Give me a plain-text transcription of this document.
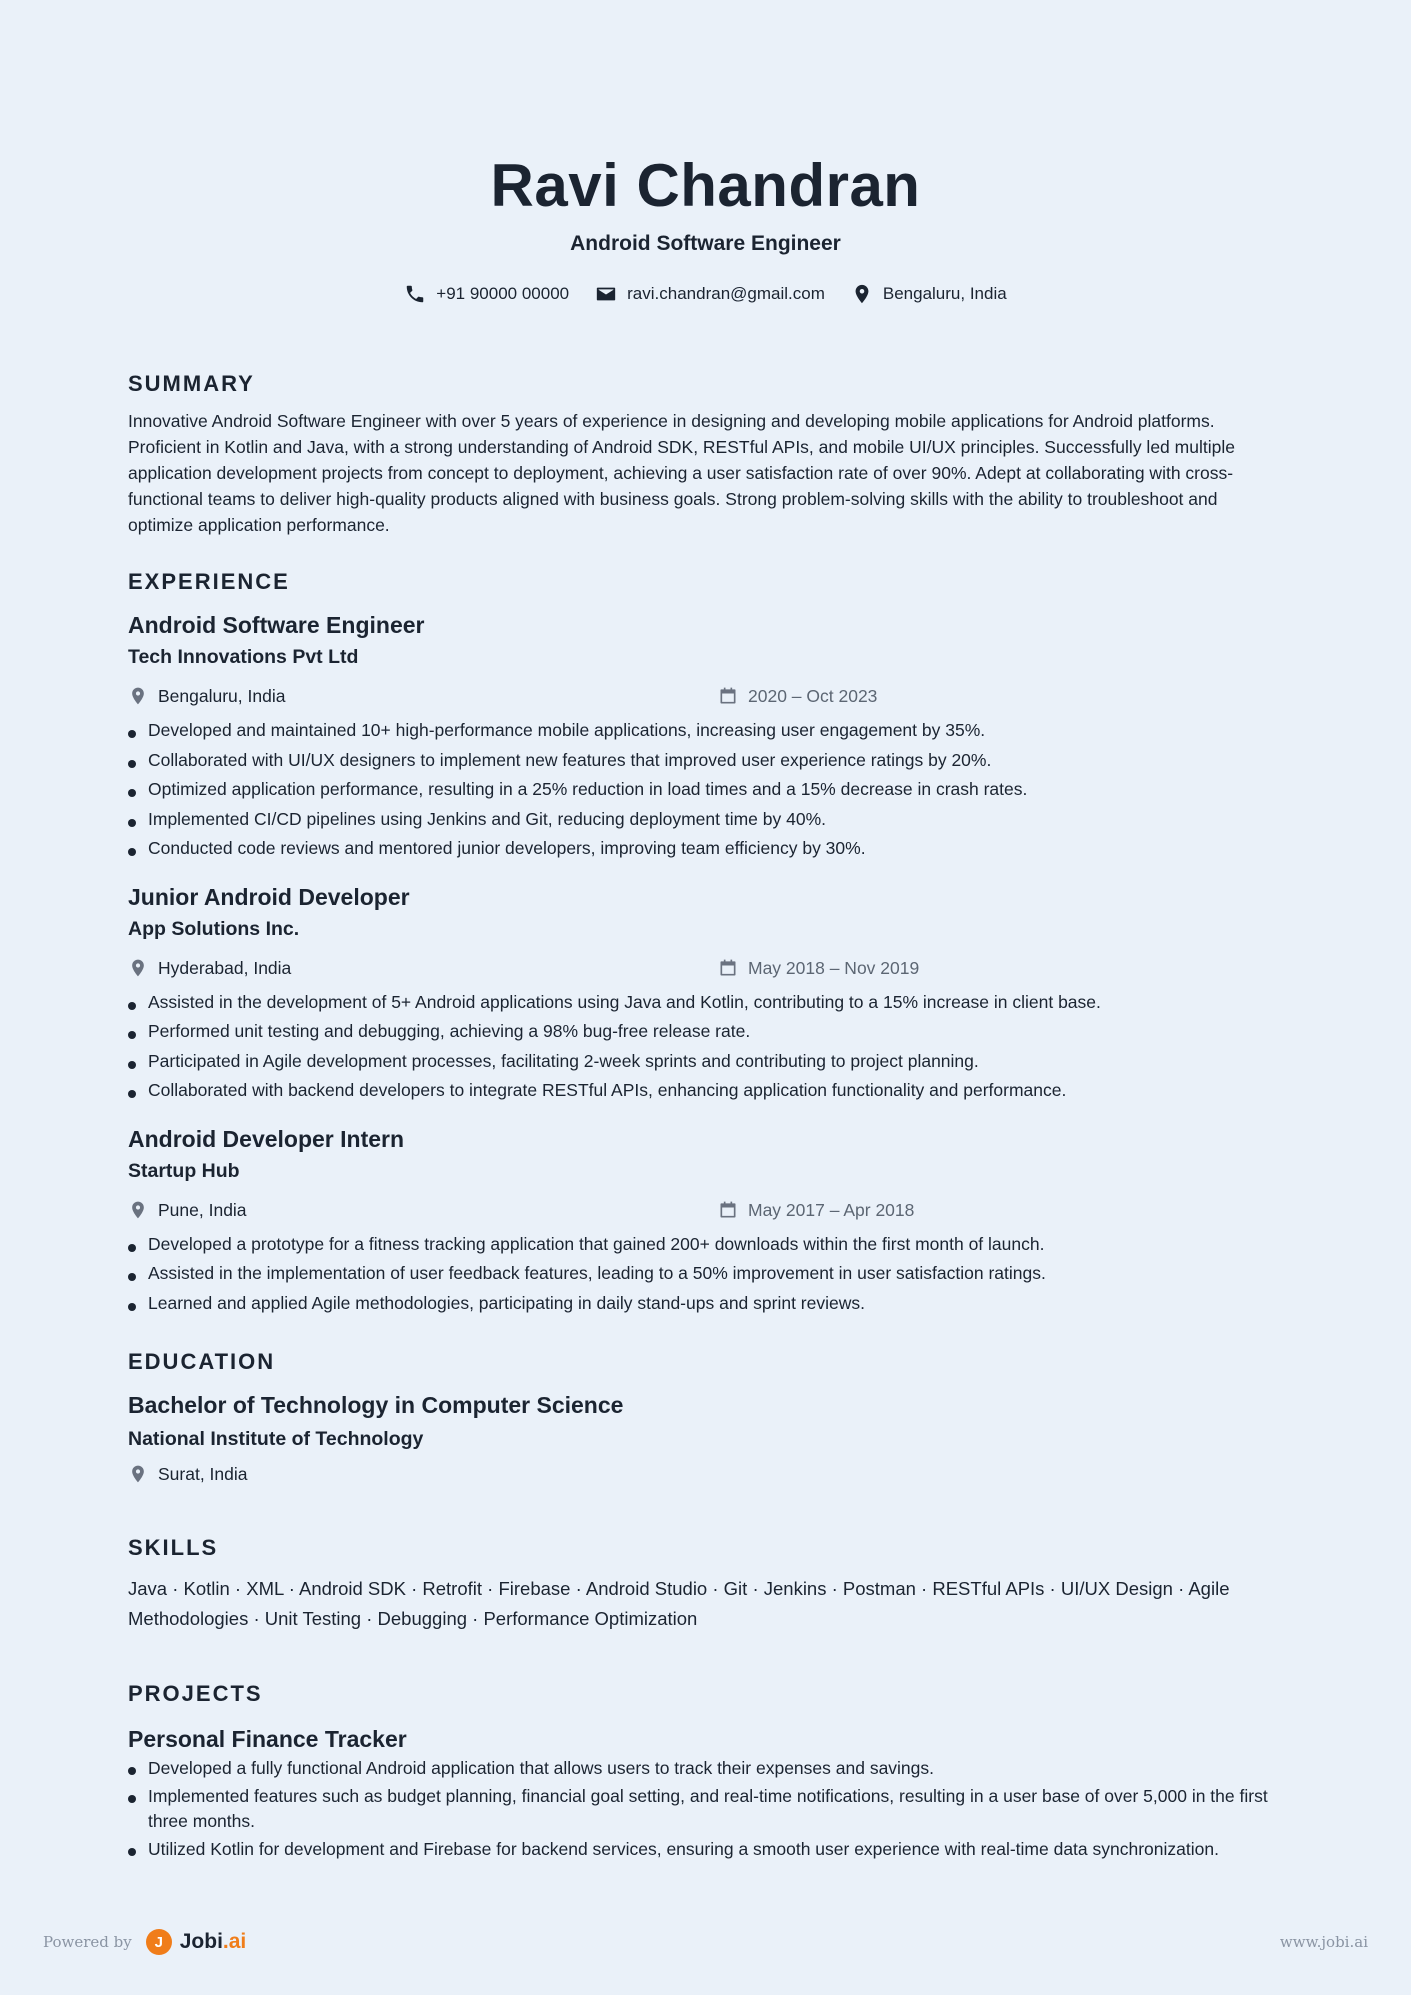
Ravi Chandran
Android Software Engineer
+91 90000 00000	ravi.chandran@gmail.com	Bengaluru, India
SUMMARY
Innovative Android Software Engineer with over 5 years of experience in designing and developing mobile applications for Android platforms. Proficient in Kotlin and Java, with a strong understanding of Android SDK, RESTful APIs, and mobile UI/UX principles. Successfully led multiple application development projects from concept to deployment, achieving a user satisfaction rate of over 90%. Adept at collaborating with cross-functional teams to deliver high-quality products aligned with business goals. Strong problem-solving skills with the ability to troubleshoot and optimize application performance.
EXPERIENCE
Android Software Engineer
Tech Innovations Pvt Ltd
Bengaluru, India	2020 – Oct 2023
Developed and maintained 10+ high-performance mobile applications, increasing user engagement by 35%.
Collaborated with UI/UX designers to implement new features that improved user experience ratings by 20%.
Optimized application performance, resulting in a 25% reduction in load times and a 15% decrease in crash rates.
Implemented CI/CD pipelines using Jenkins and Git, reducing deployment time by 40%.
Conducted code reviews and mentored junior developers, improving team efficiency by 30%.
Junior Android Developer
App Solutions Inc.
Hyderabad, India	May 2018 – Nov 2019
Assisted in the development of 5+ Android applications using Java and Kotlin, contributing to a 15% increase in client base.
Performed unit testing and debugging, achieving a 98% bug-free release rate.
Participated in Agile development processes, facilitating 2-week sprints and contributing to project planning.
Collaborated with backend developers to integrate RESTful APIs, enhancing application functionality and performance.
Android Developer Intern
Startup Hub
Pune, India	May 2017 – Apr 2018
Developed a prototype for a fitness tracking application that gained 200+ downloads within the first month of launch.
Assisted in the implementation of user feedback features, leading to a 50% improvement in user satisfaction ratings.
Learned and applied Agile methodologies, participating in daily stand-ups and sprint reviews.
EDUCATION
Bachelor of Technology in Computer Science
National Institute of Technology
Surat, India
SKILLS
Java · Kotlin · XML · Android SDK · Retrofit · Firebase · Android Studio · Git · Jenkins · Postman · RESTful APIs · UI/UX Design · Agile Methodologies · Unit Testing · Debugging · Performance Optimization
PROJECTS
Personal Finance Tracker
Developed a fully functional Android application that allows users to track their expenses and savings.
Implemented features such as budget planning, financial goal setting, and real-time notifications, resulting in a user base of over 5,000 in the first three months.
Utilized Kotlin for development and Firebase for backend services, ensuring a smooth user experience with real-time data synchronization.
Powered by	J Jobi .ai	www.jobi.ai
